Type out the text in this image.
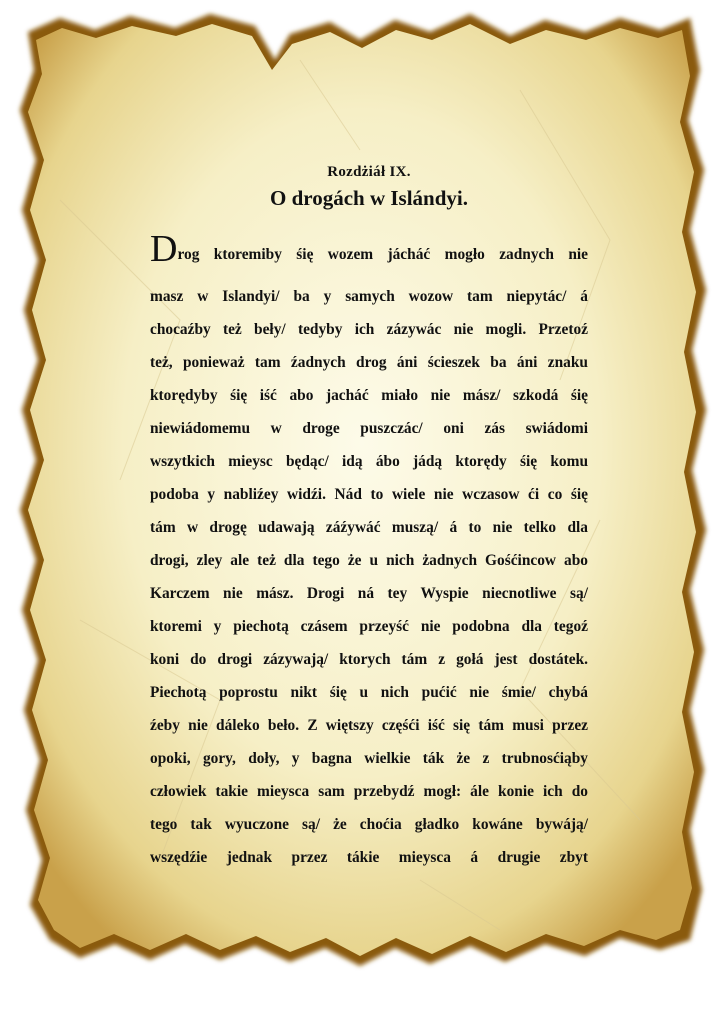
Rozdżiáł IX.

O drogách w Islándyi.
Drog ktoremiby śię wozem jácháć mogło zadnych nie
masz w Islandyi/ ba y samych wozow tam niepytác/ á
chocaźby też beły/ tedyby ich zázywác nie mogli. Przetoź
też, ponieważ tam źadnych drog áni ścieszek ba áni znaku
ktorędyby śię iść abo jacháć miało nie mász/ szkodá śię
niewiádomemu w droge puszczác/ oni zás swiádomi
wszytkich mieysc będąc/ idą ábo jádą ktorędy śię komu
podoba y nabliźey widźi. Nád to wiele nie wczasow ći co śię
tám w drogę udawają záźywáć muszą/ á to nie telko dla
drogi, zley ale też dla tego że u nich żadnych Gośćincow abo
Karczem nie mász. Drogi ná tey Wyspie niecnotliwe są/
ktoremi y piechotą czásem przeyść nie podobna dla tegoź
koni do drogi zázywają/ ktorych tám z gołá jest dostátek.
Piechotą poprostu nikt śię u nich pućić nie śmie/ chybá
źeby nie dáleko beło. Z więtszy częśći iść się tám musi przez
opoki, gory, doły, y bagna wielkie ták że z trubnosćiąby
człowiek takie mieysca sam przebydź mogł: ále konie ich do
tego tak wyuczone są/ że choćia gładko kowáne bywáją/
wszędźie jednak przez tákie mieysca á drugie zbyt
